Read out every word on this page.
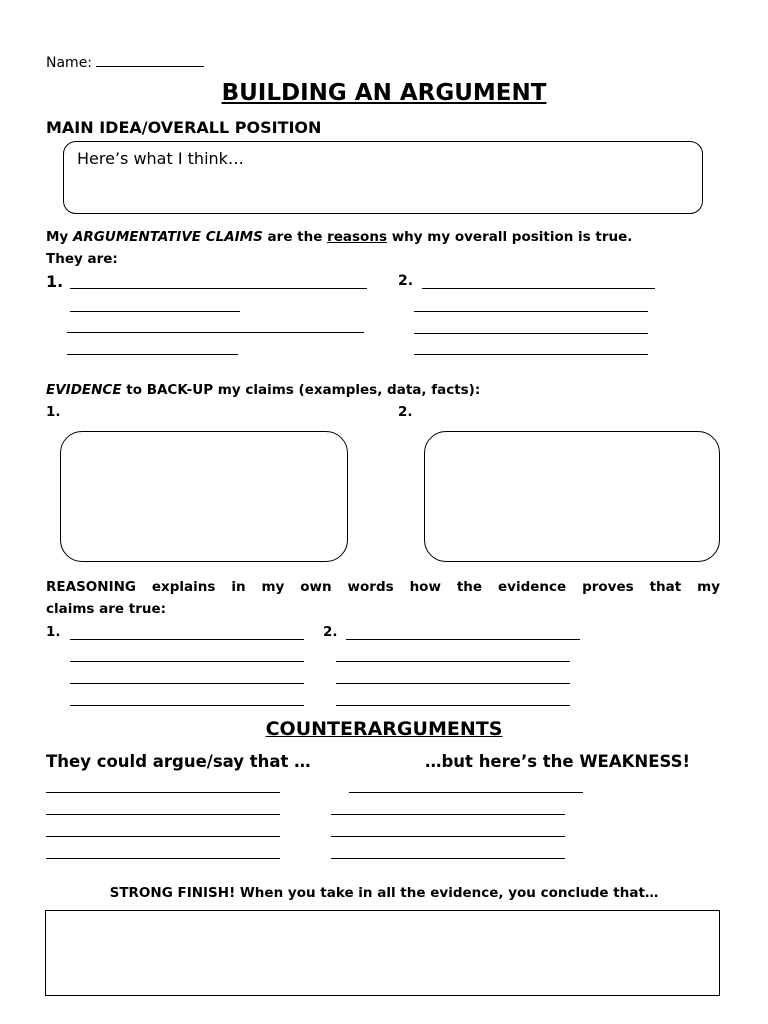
Name:
BUILDING AN ARGUMENT
MAIN IDEA/OVERALL POSITION
Here’s what I think…
My ARGUMENTATIVE CLAIMS are the reasons why my overall position is true.
They are:
1.	2.
EVIDENCE to BACK-UP my claims (examples, data, facts):
1.	2.
REASONING explains in my own words how the evidence proves that my
claims are true:
1.	2.
COUNTERARGUMENTS
They could argue/say that …	…but here’s the WEAKNESS!
STRONG FINISH! When you take in all the evidence, you conclude that…
